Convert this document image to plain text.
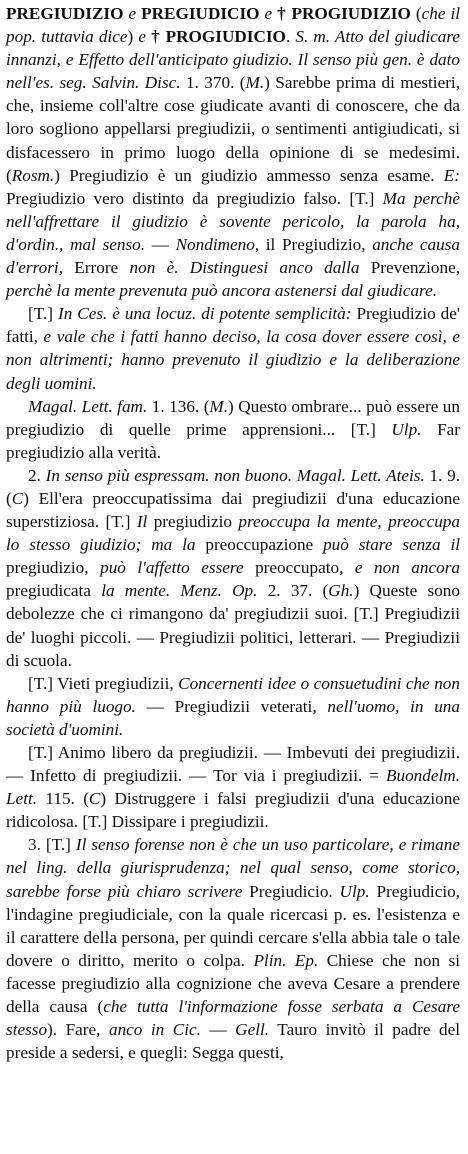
PREGIUDIZIO e PREGIUDICIO e † PROGIUDIZIO (che il pop. tuttavia dice) e † PROGIUDICIO. S. m. Atto del giudicare innanzi, e Effetto dell'anticipato giudizio. Il senso più gen. è dato nell'es. seg. Salvin. Disc. 1. 370. (M.) Sarebbe prima di mestieri, che, insieme coll'altre cose giudicate avanti di conoscere, che da loro sogliono appellarsi pregiudizii, o sentimenti antigiudicati, si disfacessero in primo luogo della opinione di se medesimi. (Rosm.) Pregiudizio è un giudizio ammesso senza esame. E: Pregiudizio vero distinto da pregiudizio falso. [T.] Ma perchè nell'affrettare il giudizio è sovente pericolo, la parola ha, d'ordin., mal senso. — Nondimeno, il Pregiudizio, anche causa d'errori, Errore non è. Distinguesi anco dalla Prevenzione, perchè la mente prevenuta può ancora astenersi dal giudicare.
[T.] In Ces. è una locuz. di potente semplicità: Pregiudizio de' fatti, e vale che i fatti hanno deciso, la cosa dover essere così, e non altrimenti; hanno prevenuto il giudizio e la deliberazione degli uomini.
Magal. Lett. fam. 1. 136. (M.) Questo ombrare... può essere un pregiudizio di quelle prime apprensioni... [T.] Ulp. Far pregiudizio alla verità.
2. In senso più espressam. non buono. Magal. Lett. Ateis. 1. 9. (C) Ell'era preoccupatissima dai pregiudizii d'una educazione superstiziosa. [T.] Il pregiudizio preoccupa la mente, preoccupa lo stesso giudizio; ma la preoccupazione può stare senza il pregiudizio, può l'affetto essere preoccupato, e non ancora pregiudicata la mente. Menz. Op. 2. 37. (Gh.) Queste sono debolezze che ci rimangono da' pregiudizii suoi. [T.] Pregiudizii de' luoghi piccoli. — Pregiudizii politici, letterari. — Pregiudizii di scuola.
[T.] Vieti pregiudizii, Concernenti idee o consuetudini che non hanno più luogo. — Pregiudizii veterati, nell'uomo, in una società d'uomini.
[T.] Animo libero da pregiudizii. — Imbevuti dei pregiudizii. — Infetto di pregiudizii. — Tor via i pregiudizii. = Buondelm. Lett. 115. (C) Distruggere i falsi pregiudizii d'una educazione ridicolosa. [T.] Dissipare i pregiudizii.
3. [T.] Il senso forense non è che un uso particolare, e rimane nel ling. della giurisprudenza; nel qual senso, come storico, sarebbe forse più chiaro scrivere Pregiudicio. Ulp. Pregiudicio, l'indagine pregiudiciale, con la quale ricercasi p. es. l'esistenza e il carattere della persona, per quindi cercare s'ella abbia tale o tale dovere o diritto, merito o colpa. Plin. Ep. Chiese che non si facesse pregiudizio alla cognizione che aveva Cesare a prendere della causa (che tutta l'informazione fosse serbata a Cesare stesso). Fare, anco in Cic. — Gell. Tauro invitò il padre del preside a sedersi, e quegli: Segga questi,
